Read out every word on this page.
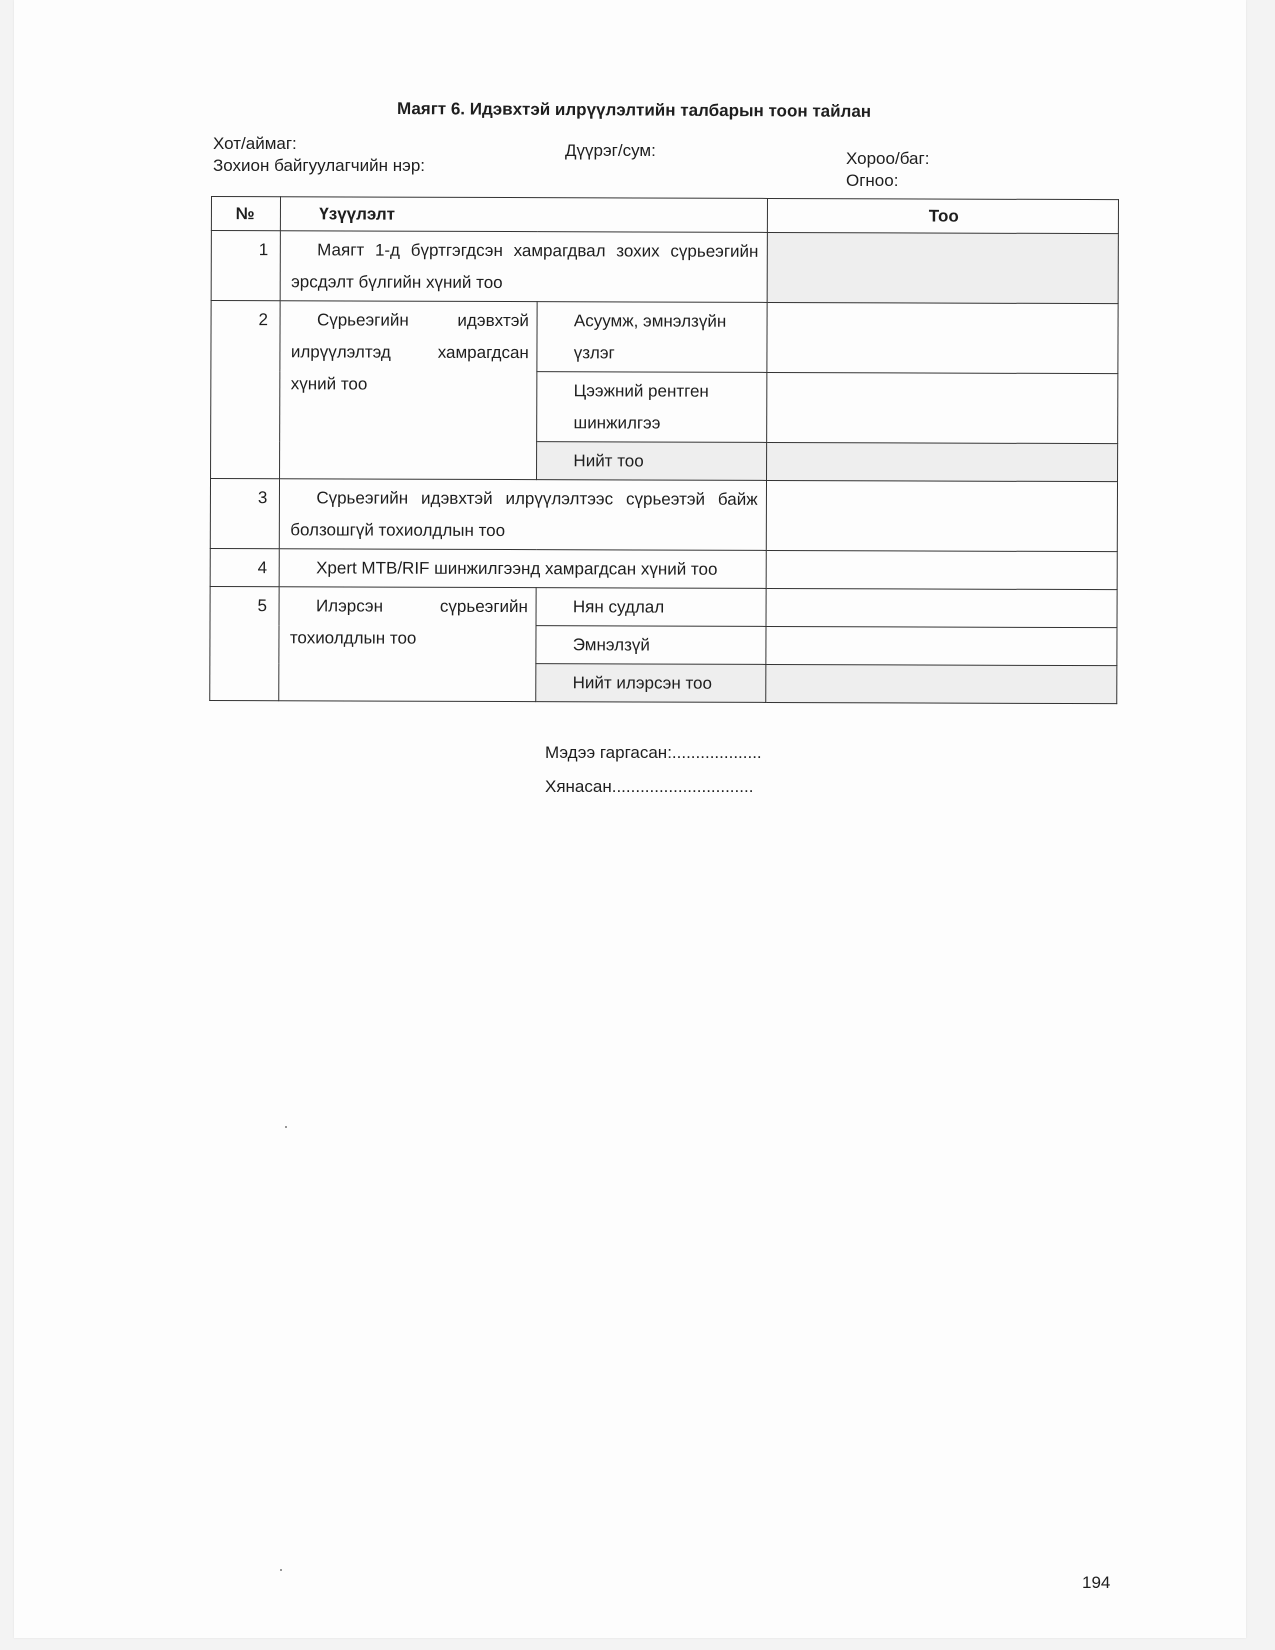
Маягт 6. Идэвхтэй илрүүлэлтийн талбарын тоон тайлан
Хот/аймаг:
Зохион байгуулагчийн нэр:
Дүүрэг/сум:	Хороо/баг:
Огноо:
№	Үзүүлэлт		Тоо
1	Маягт 1-д бүртгэгдсэн хамрагдвал зохих сүрьеэгийн эрсдэлт бүлгийн хүний тоо		
2	Сүрьеэгийн идэвхтэй илрүүлэлтэд хамрагдсан хүний тоо	Асуумж, эмнэлзүйн үзлэг	

		Цээжний рентген шинжилгээ	

		Нийт тоо	
3	Сүрьеэгийн идэвхтэй илрүүлэлтээс сүрьеэтэй байж болзошгүй тохиолдлын тоо		
4	Xpert MTB/RIF шинжилгээнд хамрагдсан хүний тоо		
5	Илэрсэн сүрьеэгийн тохиолдлын тоо	Нян судлал	
		Эмнэлзүй	
		Нийт илэрсэн тоо	
Мэдээ гаргасан:...................
Хянасан..............................
194
